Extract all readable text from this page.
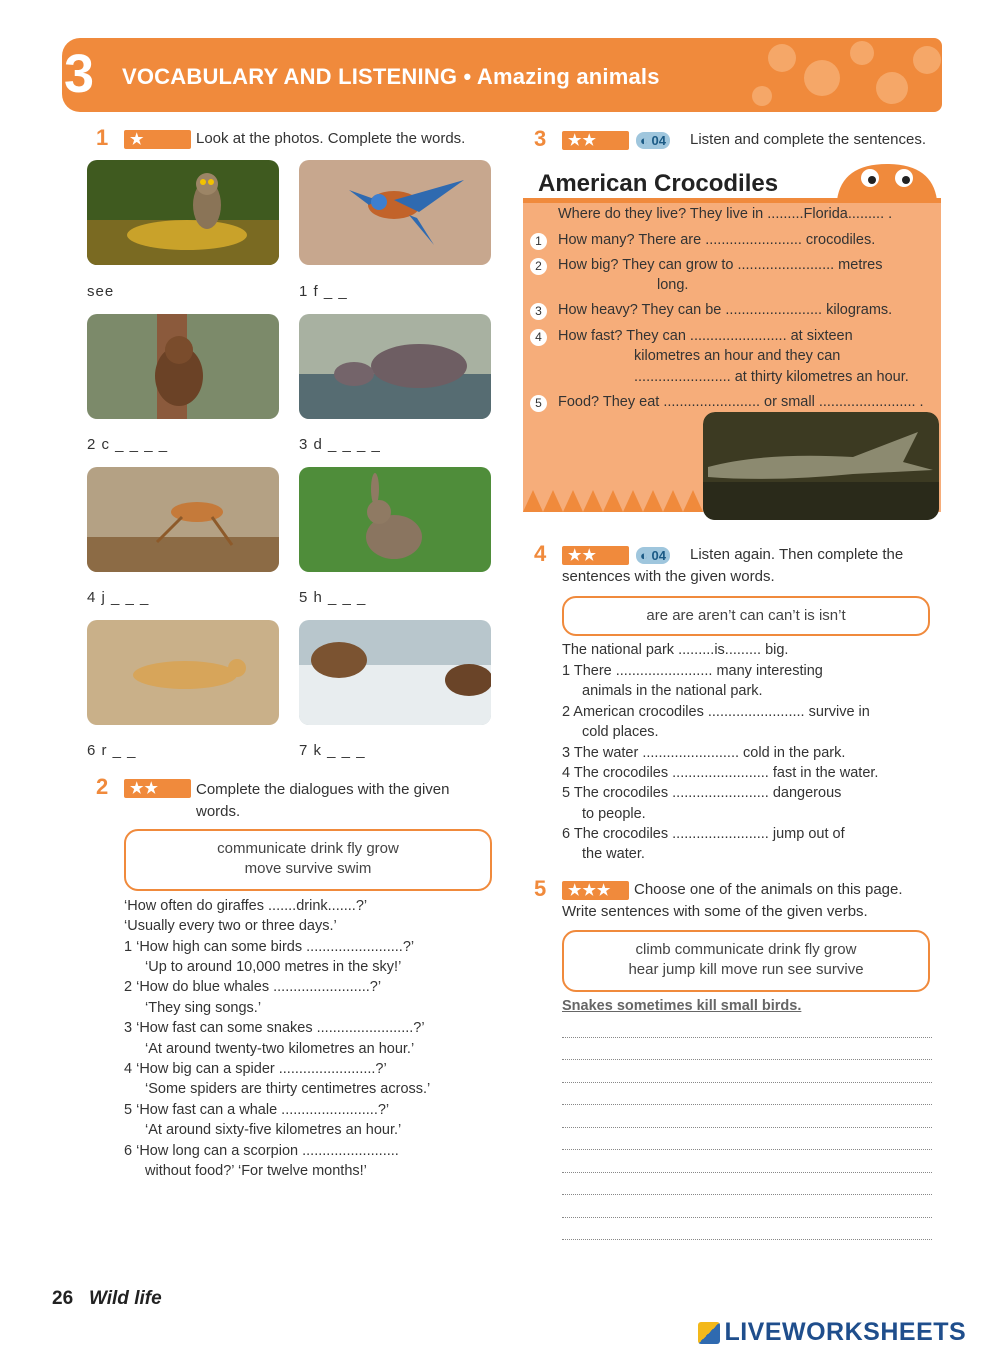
3 VOCABULARY AND LISTENING • Amazing animals
1	★	Look at the photos. Complete the words.
see	1 f _ _
2 c _ _ _ _	3 d _ _ _ _
4 j _ _ _	5 h _ _ _
6 r _ _	7 k _ _ _
2	★★	Complete the dialogues with the given words.
communicate drink fly grow
move survive swim
‘How often do giraffes .......drink.......?’
‘Usually every two or three days.’
1 ‘How high can some birds ........................?’
‘Up to around 10,000 metres in the sky!’
2 ‘How do blue whales ........................?’
‘They sing songs.’
3 ‘How fast can some snakes ........................?’
‘At around twenty-two kilometres an hour.’
4 ‘How big can a spider ........................?’
‘Some spiders are thirty centimetres across.’
5 ‘How fast can a whale ........................?’
‘At around sixty-five kilometres an hour.’
6 ‘How long can a scorpion ........................
without food?’ ‘For twelve months!’
3	★★	◐ 04 Listen and complete the sentences.
American Crocodiles
Where do they live? They live in .........Florida......... .
1	How many? There are ........................ crocodiles.
2	How big? They can grow to ........................ metres
long.
3	How heavy? They can be ........................ kilograms.
4	How fast? They can ........................ at sixteen
kilometres an hour and they can
........................ at thirty kilometres an hour.
5	Food? They eat ........................ or small ........................ .
4	★★	◐ 04 Listen again. Then complete the
sentences with the given words.
are are aren’t can can’t is isn’t
The national park .........is......... big.
1 There ........................ many interesting
animals in the national park.
2 American crocodiles ........................ survive in
cold places.
3 The water ........................ cold in the park.
4 The crocodiles ........................ fast in the water.
5 The crocodiles ........................ dangerous
to people.
6 The crocodiles ........................ jump out of
the water.
5	★★★	Choose one of the animals on this page.
Write sentences with some of the given verbs.
climb communicate drink fly grow
hear jump kill move run see survive
Snakes sometimes kill small birds.
26 Wild life
LIVEWORKSHEETS
